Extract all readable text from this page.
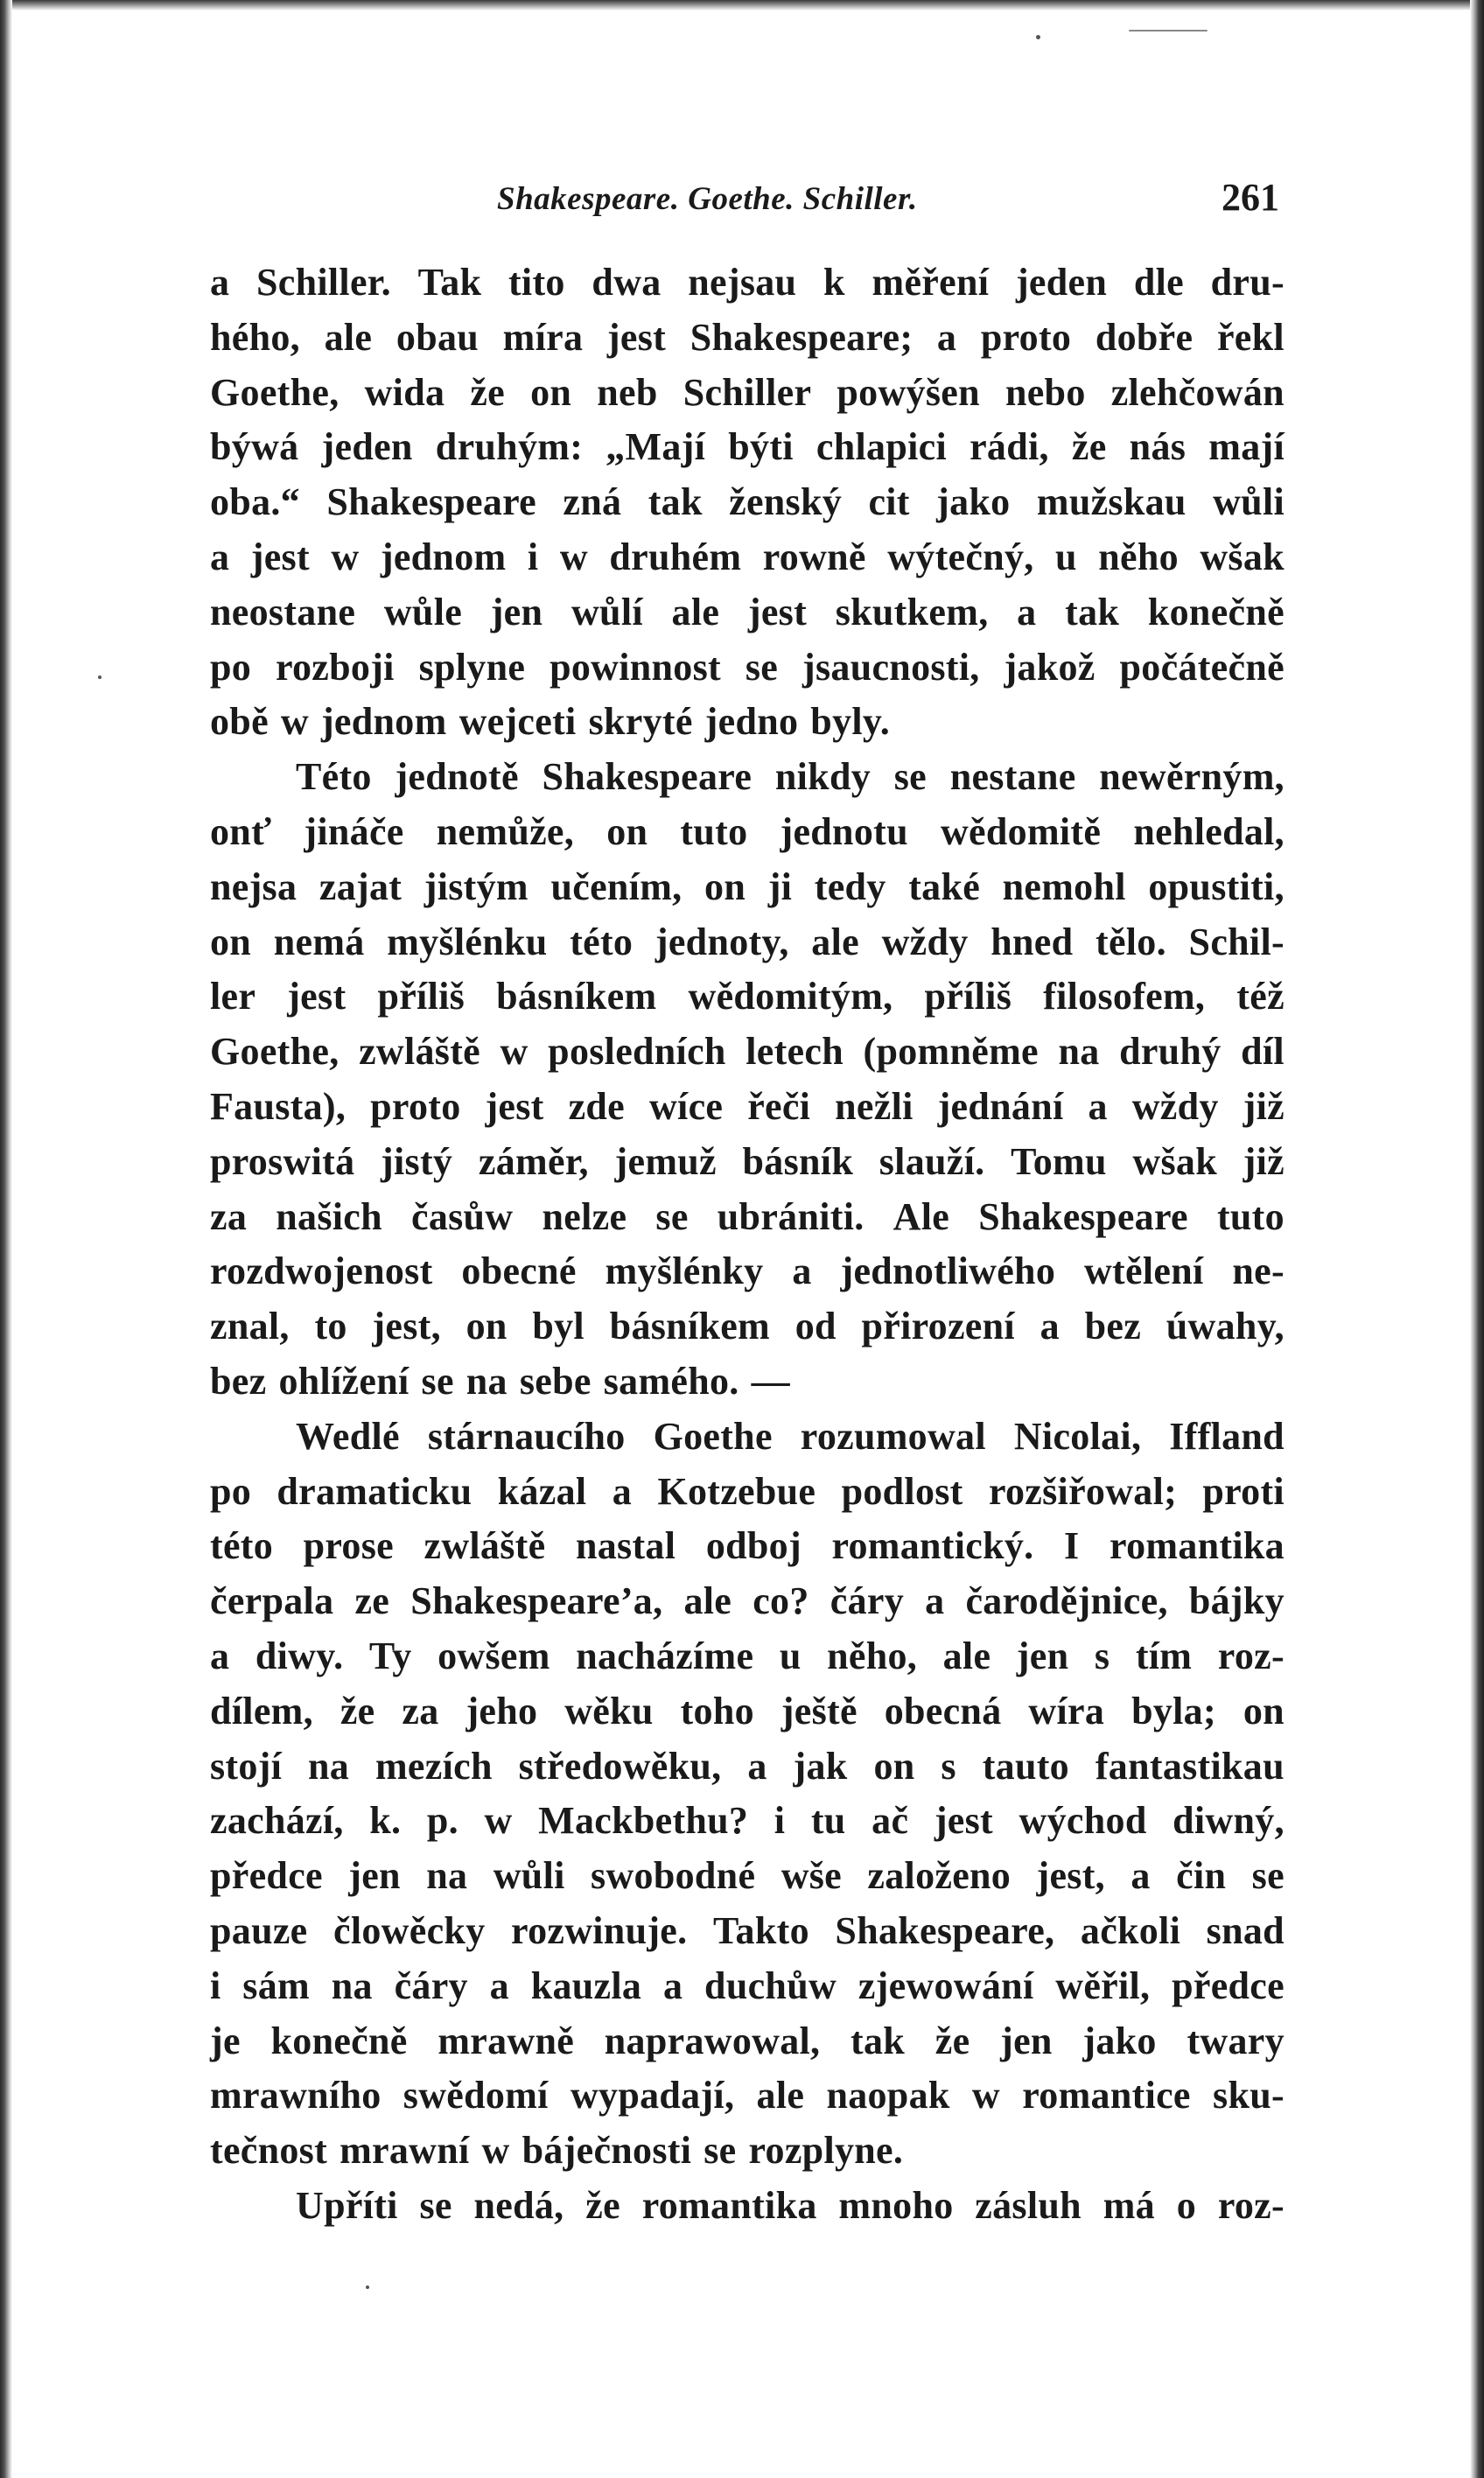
Shakespeare. Goethe. Schiller.	261
a Schiller. Tak tito dwa nejsau k měření jeden dle dru-
hého, ale obau míra jest Shakespeare; a proto dobře řekl
Goethe, wida že on neb Schiller powýšen nebo zlehčowán
býwá jeden druhým: „Mají býti chlapici rádi, že nás mají
oba.“ Shakespeare zná tak ženský cit jako mužskau wůli
a jest w jednom i w druhém rowně wýtečný, u něho wšak
neostane wůle jen wůlí ale jest skutkem, a tak konečně
po rozboji splyne powinnost se jsaucnosti, jakož počátečně
obě w jednom wejceti skryté jedno byly.
Této jednotě Shakespeare nikdy se nestane newěrným,
onť jináče nemůže, on tuto jednotu wědomitě nehledal,
nejsa zajat jistým učením, on ji tedy také nemohl opustiti,
on nemá myšlénku této jednoty, ale wždy hned tělo. Schil-
ler jest příliš básníkem wědomitým, příliš filosofem, též
Goethe, zwláště w posledních letech (pomněme na druhý díl
Fausta), proto jest zde wíce řeči nežli jednání a wždy již
proswitá jistý záměr, jemuž básník slauží. Tomu wšak již
za našich časůw nelze se ubrániti. Ale Shakespeare tuto
rozdwojenost obecné myšlénky a jednotliwého wtělení ne-
znal, to jest, on byl básníkem od přirození a bez úwahy,
bez ohlížení se na sebe samého. —
Wedlé stárnaucího Goethe rozumowal Nicolai, Iffland
po dramaticku kázal a Kotzebue podlost rozšiřowal; proti
této prose zwláště nastal odboj romantický. I romantika
čerpala ze Shakespeare’a, ale co? čáry a čarodějnice, bájky
a diwy. Ty owšem nacházíme u něho, ale jen s tím roz-
dílem, že za jeho wěku toho ještě obecná wíra byla; on
stojí na mezích středowěku, a jak on s tauto fantastikau
zachází, k. p. w Mackbethu? i tu ač jest wýchod diwný,
předce jen na wůli swobodné wše založeno jest, a čin se
pauze člowěcky rozwinuje. Takto Shakespeare, ačkoli snad
i sám na čáry a kauzla a duchůw zjewowání wěřil, předce
je konečně mrawně naprawowal, tak že jen jako twary
mrawního swědomí wypadají, ale naopak w romantice sku-
tečnost mrawní w báječnosti se rozplyne.
Upříti se nedá, že romantika mnoho zásluh má o roz-
